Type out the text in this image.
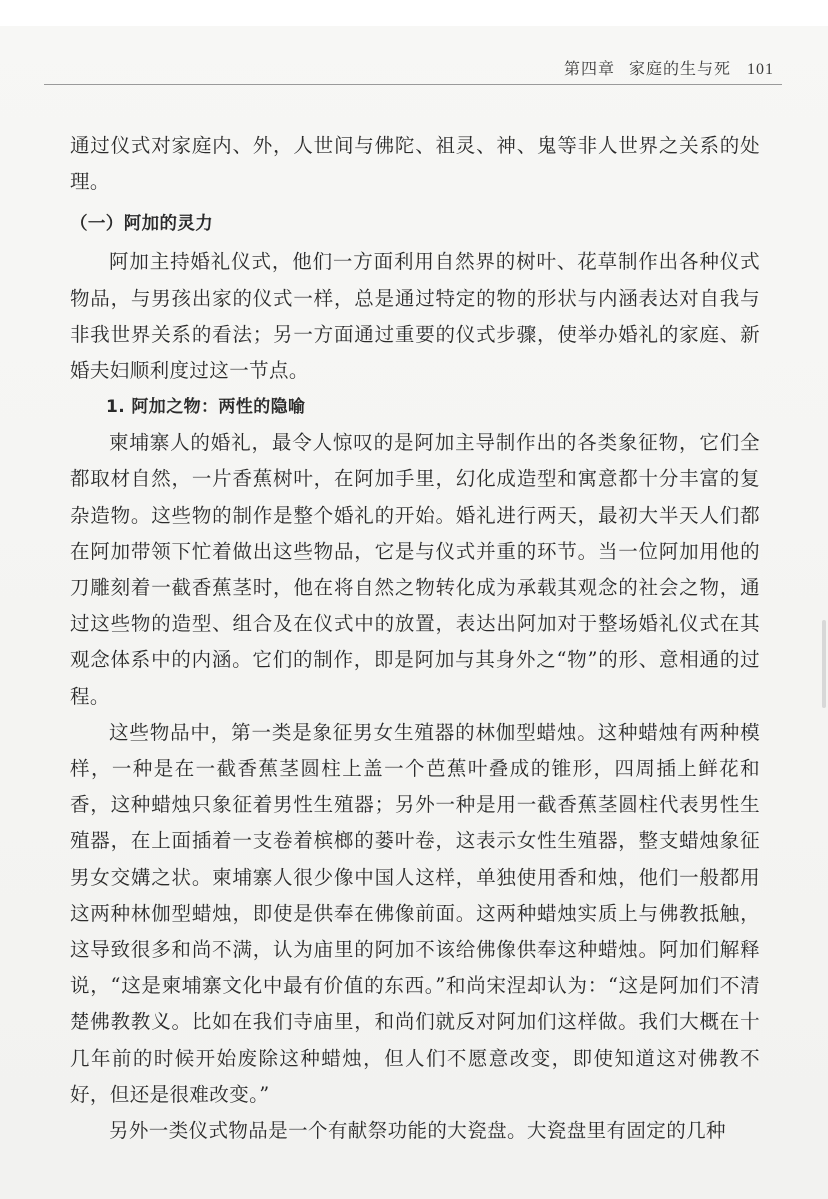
第四章 家庭的生与死 101

通过仪式对家庭内、外，人世间与佛陀、祖灵、神、鬼等非人世界之关系的处理。

（一）阿加的灵力

阿加主持婚礼仪式，他们一方面利用自然界的树叶、花草制作出各种仪式物品，与男孩出家的仪式一样，总是通过特定的物的形状与内涵表达对自我与非我世界关系的看法；另一方面通过重要的仪式步骤，使举办婚礼的家庭、新婚夫妇顺利度过这一节点。

1. 阿加之物：两性的隐喻

柬埔寨人的婚礼，最令人惊叹的是阿加主导制作出的各类象征物，它们全都取材自然，一片香蕉树叶，在阿加手里，幻化成造型和寓意都十分丰富的复杂造物。这些物的制作是整个婚礼的开始。婚礼进行两天，最初大半天人们都在阿加带领下忙着做出这些物品，它是与仪式并重的环节。当一位阿加用他的刀雕刻着一截香蕉茎时，他在将自然之物转化成为承载其观念的社会之物，通过这些物的造型、组合及在仪式中的放置，表达出阿加对于整场婚礼仪式在其观念体系中的内涵。它们的制作，即是阿加与其身外之“物”的形、意相通的过程。

这些物品中，第一类是象征男女生殖器的林伽型蜡烛。这种蜡烛有两种模样，一种是在一截香蕉茎圆柱上盖一个芭蕉叶叠成的锥形，四周插上鲜花和香，这种蜡烛只象征着男性生殖器；另外一种是用一截香蕉茎圆柱代表男性生殖器，在上面插着一支卷着槟榔的蒌叶卷，这表示女性生殖器，整支蜡烛象征男女交媾之状。柬埔寨人很少像中国人这样，单独使用香和烛，他们一般都用这两种林伽型蜡烛，即使是供奉在佛像前面。这两种蜡烛实质上与佛教抵触，这导致很多和尚不满，认为庙里的阿加不该给佛像供奉这种蜡烛。阿加们解释说，“这是柬埔寨文化中最有价值的东西。”和尚宋涅却认为：“这是阿加们不清楚佛教教义。比如在我们寺庙里，和尚们就反对阿加们这样做。我们大概在十几年前的时候开始废除这种蜡烛，但人们不愿意改变，即使知道这对佛教不好，但还是很难改变。”

另外一类仪式物品是一个有献祭功能的大瓷盘。大瓷盘里有固定的几种
